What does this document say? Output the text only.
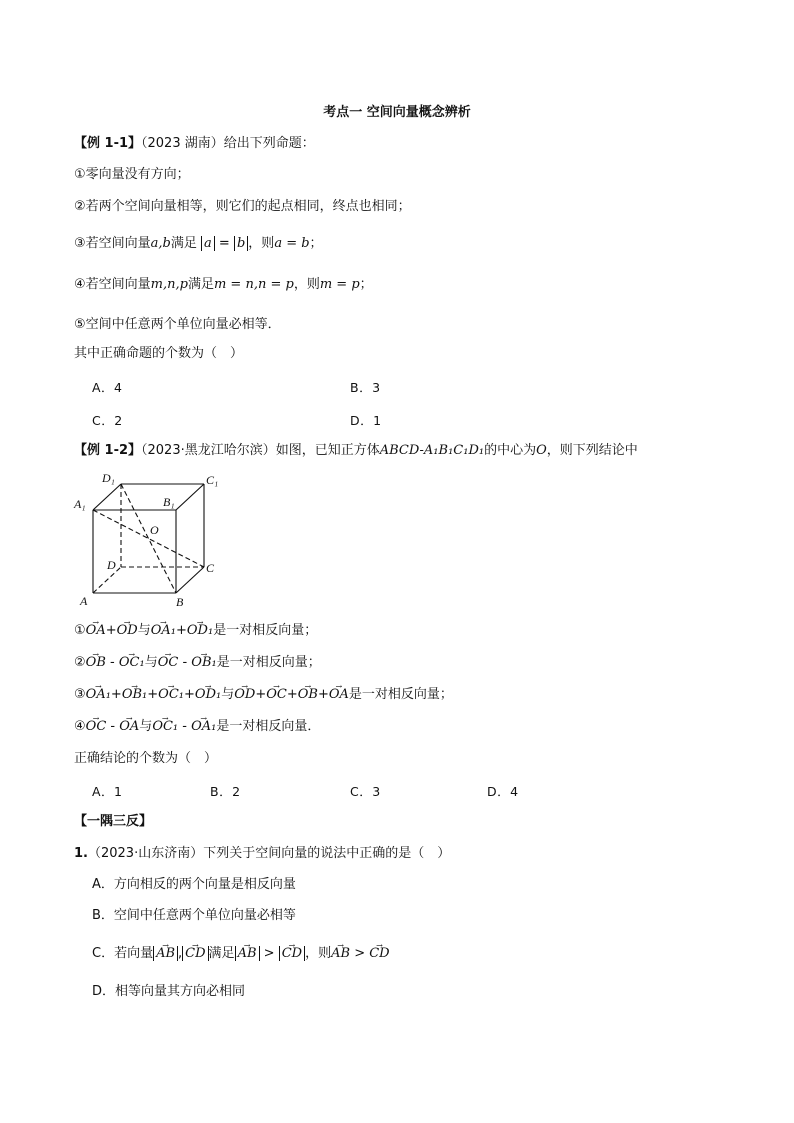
考点一 空间向量概念辨析
【例 1-1】（2023 湖南）给出下列命题：
①零向量没有方向；
②若两个空间向量相等，则它们的起点相同，终点也相同；
③若空间向量a,b满足 a = b ，则a = b；
④若空间向量m,n,p满足m = n,n = p，则m = p；
⑤空间中任意两个单位向量必相等．
其中正确命题的个数为（　）
A．4	B．3
C．2	D．1
【例 1-2】（2023·黑龙江哈尔滨）如图，已知正方体ABCD-A₁B₁C₁D₁的中心为O，则下列结论中
D₁	C₁
A₁	B₁
O
D	C
A	B
①→ OA+→ OD与→ OA₁+→ OD₁是一对相反向量；
②→ OB - → OC₁与→ OC - → OB₁是一对相反向量；
③→ OA₁+→ OB₁+→ OC₁+→ OD₁与→ OD+→ OC+→ OB+→ OA是一对相反向量；
④→ OC - → OA与→ OC₁ - → OA₁是一对相反向量．
正确结论的个数为（　）
A．1	B．2	C．3	D．4
【一隅三反】
1.（2023·山东济南）下列关于空间向量的说法中正确的是（　）
A．方向相反的两个向量是相反向量
B．空间中任意两个单位向量必相等
C．若向量 → AB , → CD 满足 → AB > → CD ，则→ AB > → CD
D．相等向量其方向必相同
